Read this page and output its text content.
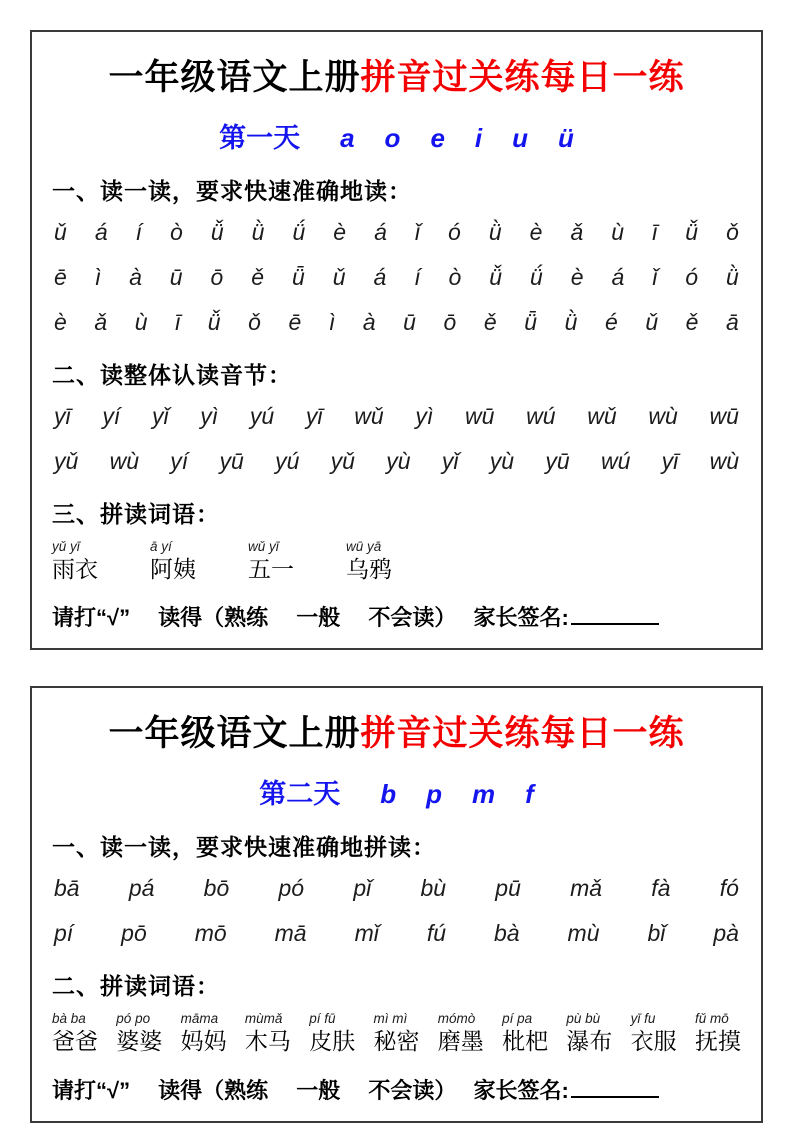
一年级语文上册拼音过关练每日一练
第一天 a o e i u ü
一、读一读，要求快速准确地读：
ǔ á í ò ǚ ǜ ǘ è á ǐ ó ǜ è ǎ ù ī ǚ ǒ
ē ì à ū ō ě ǖ ǔ á í ò ǚ ǘ è á ǐ ó ǜ
è ǎ ù ī ǚ ǒ ē ì à ū ō ě ǖ ǜ é ǔ ě ā
二、读整体认读音节：
yī yí yǐ yì yú yī wǔ yì wū wú wǔ wù wū
yǔ wù yí yū yú yǔ yù yǐ yù yū wú yī wù
三、拼读词语：
yǔ yī
雨衣
ā yí
阿姨
wǔ yī
五一
wū yā
乌鸦
请打“√”　 读得（熟练　 一般　 不会读）　 家长签名:
一年级语文上册拼音过关练每日一练
第二天 b p m f
一、读一读，要求快速准确地拼读：
bā pá bō pó pǐ bù pū mǎ fà fó
pí pō mō mā mǐ fú bà mù bǐ pà
二、拼读词语：
bà ba
爸爸
pó po
婆婆
māma
妈妈
mùmǎ
木马
pí fū
皮肤
mì mì
秘密
mómò
磨墨
pí pa
枇杷
pù bù
瀑布
yī fu
衣服
fǔ mō
抚摸
请打“√”　 读得（熟练　 一般　 不会读）　 家长签名:
